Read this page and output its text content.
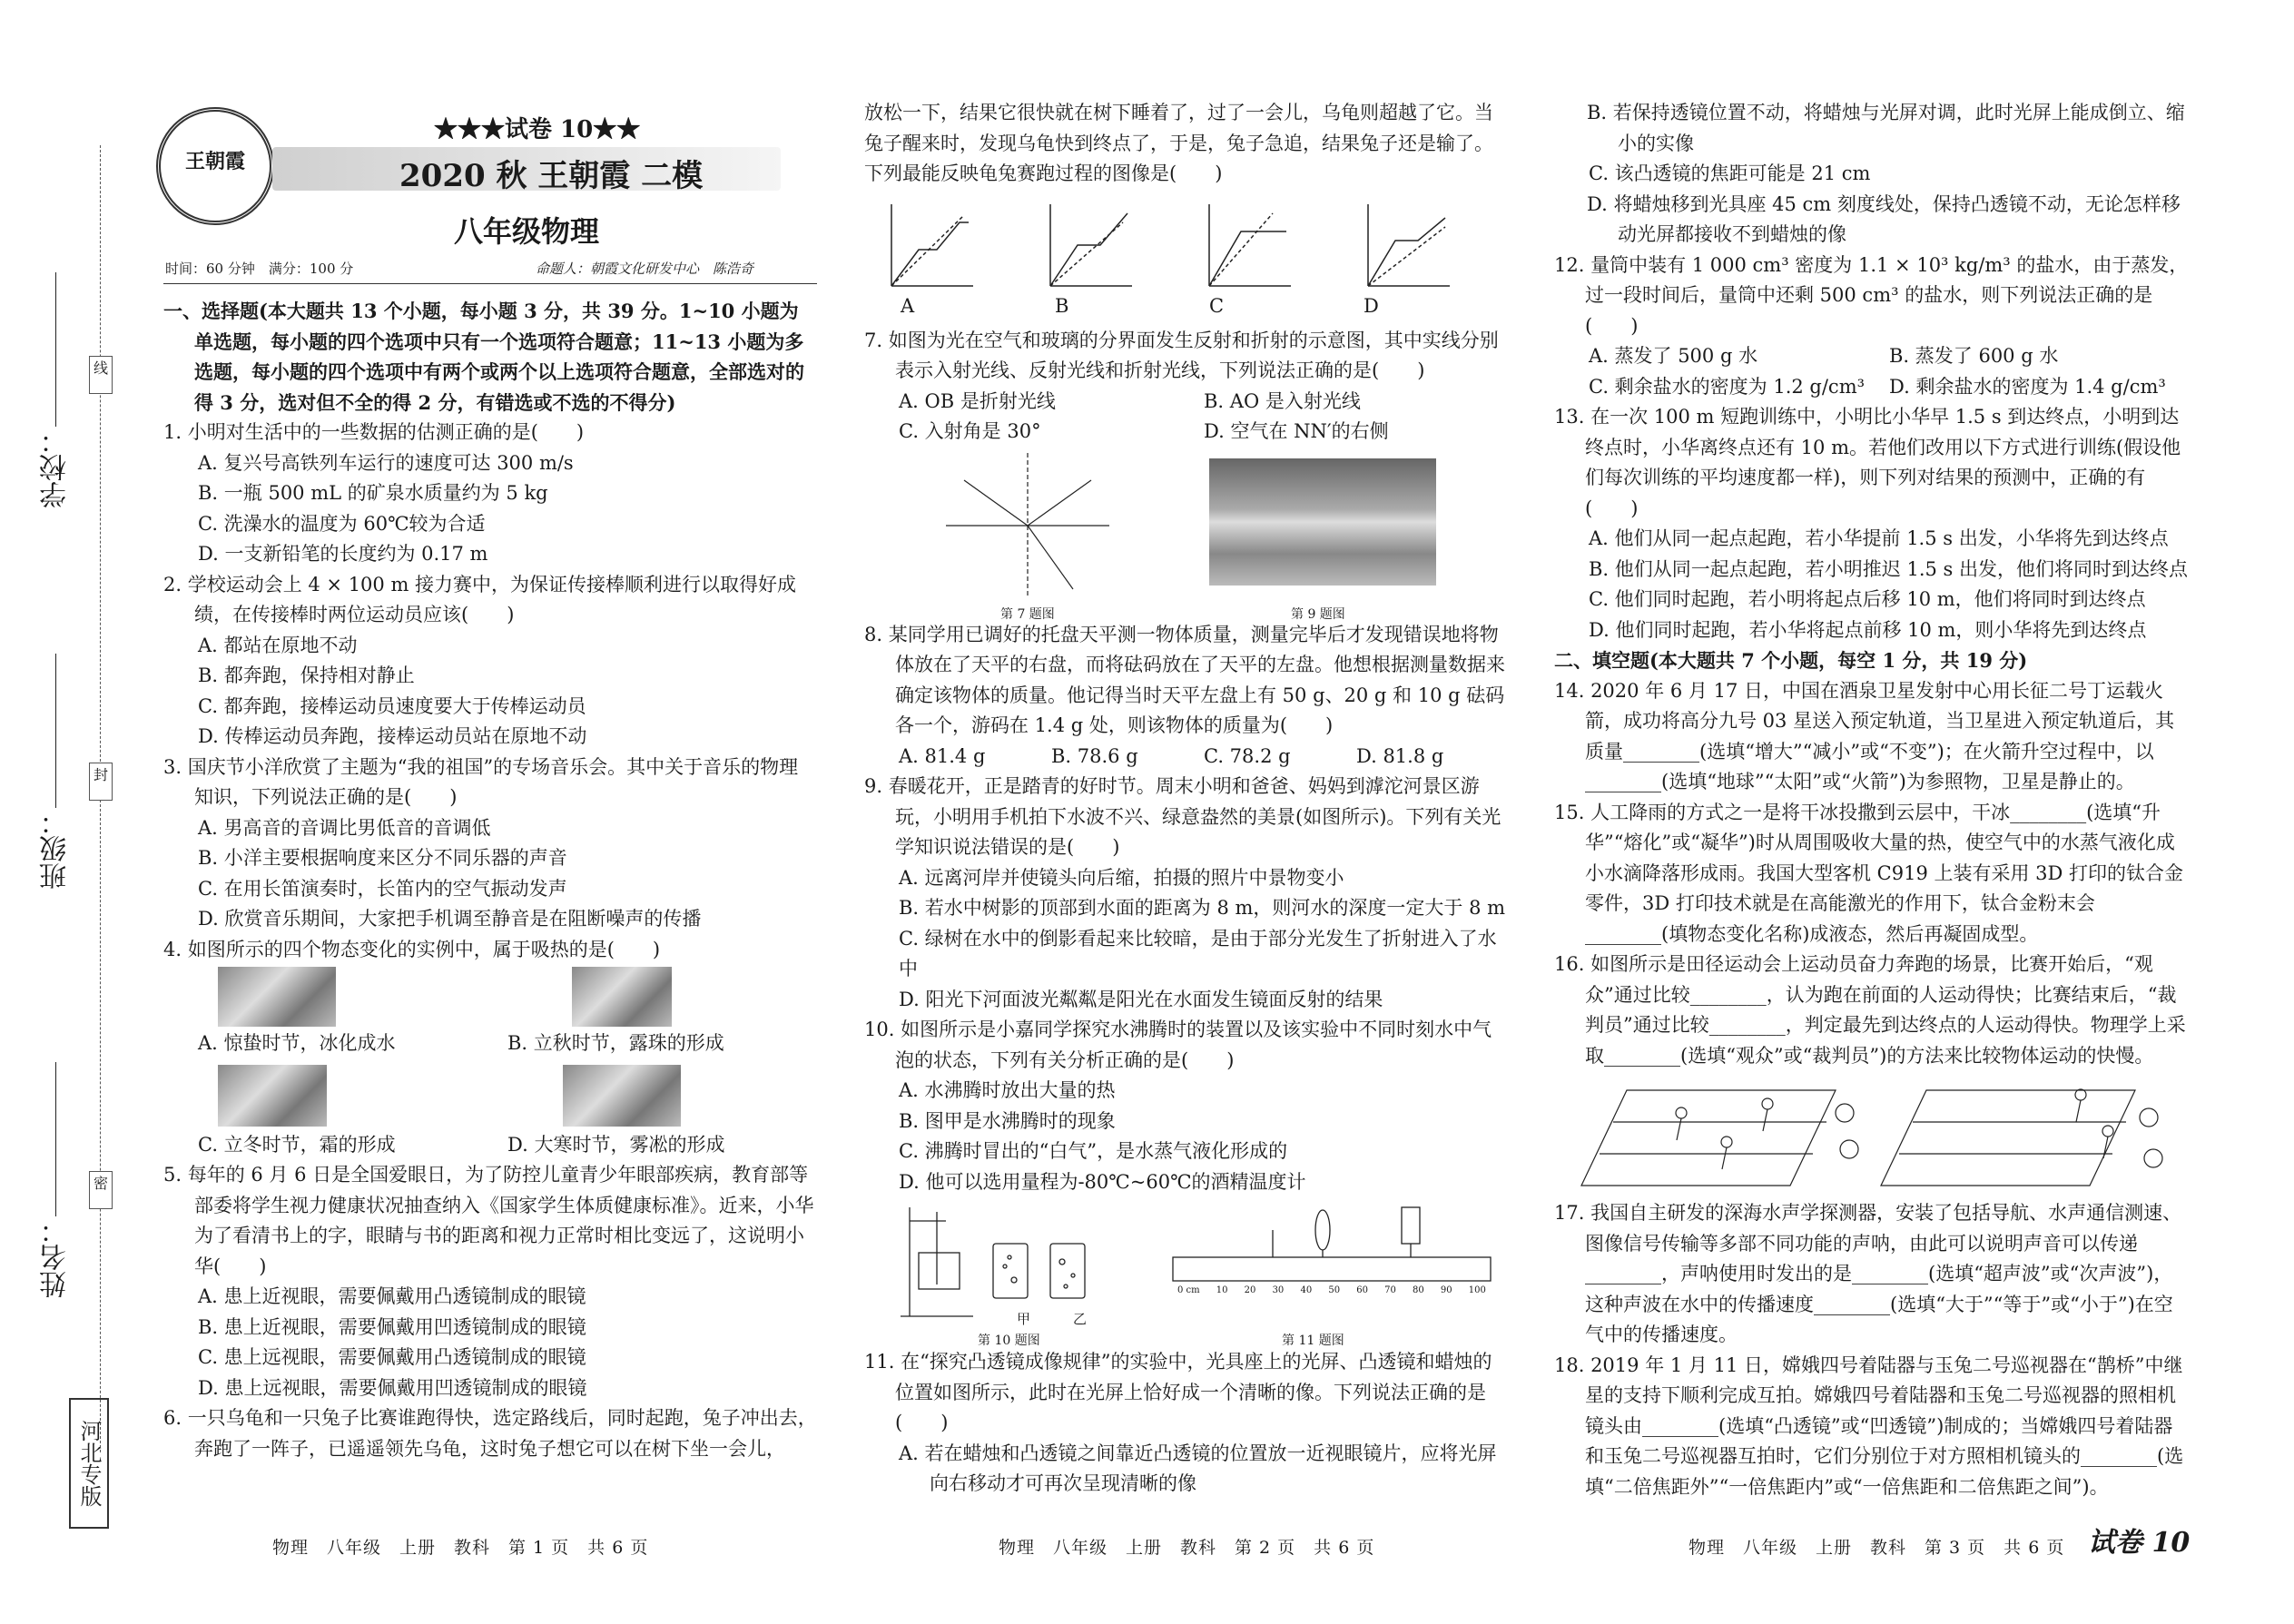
线
封
密
学校：
班级：
姓名：
河北专版
王朝霞
★★★试卷 10★★
2020 秋 王朝霞 二模
八年级物理
时间：60 分钟　满分：100 分	命题人：朝霞文化研发中心　陈浩奇

一、选择题(本大题共 13 个小题，每小题 3 分，共 39 分。1~10 小题为单选题，每小题的四个选项中只有一个选项符合题意；11~13 小题为多选题，每小题的四个选项中有两个或两个以上选项符合题意，全部选对的得 3 分，选对但不全的得 2 分，有错选或不选的不得分)

1. 小明对生活中的一些数据的估测正确的是(　　)

A. 复兴号高铁列车运行的速度可达 300 m/s

B. 一瓶 500 mL 的矿泉水质量约为 5 kg

C. 洗澡水的温度为 60℃较为合适

D. 一支新铅笔的长度约为 0.17 m

2. 学校运动会上 4 × 100 m 接力赛中，为保证传接棒顺利进行以取得好成绩，在传接棒时两位运动员应该(　　)

A. 都站在原地不动

B. 都奔跑，保持相对静止

C. 都奔跑，接棒运动员速度要大于传棒运动员

D. 传棒运动员奔跑，接棒运动员站在原地不动

3. 国庆节小洋欣赏了主题为“我的祖国”的专场音乐会。其中关于音乐的物理知识，下列说法正确的是(　　)

A. 男高音的音调比男低音的音调低

B. 小洋主要根据响度来区分不同乐器的声音

C. 在用长笛演奏时，长笛内的空气振动发声

D. 欣赏音乐期间，大家把手机调至静音是在阻断噪声的传播

4. 如图所示的四个物态变化的实例中，属于吸热的是(　　)

A. 惊蛰时节，冰化成水	B. 立秋时节，露珠的形成
C. 立冬时节，霜的形成	D. 大寒时节，雾凇的形成

5. 每年的 6 月 6 日是全国爱眼日，为了防控儿童青少年眼部疾病，教育部等部委将学生视力健康状况抽查纳入《国家学生体质健康标准》。近来，小华为了看清书上的字，眼睛与书的距离和视力正常时相比变远了，这说明小华(　　)

A. 患上近视眼，需要佩戴用凸透镜制成的眼镜

B. 患上近视眼，需要佩戴用凹透镜制成的眼镜

C. 患上远视眼，需要佩戴用凸透镜制成的眼镜

D. 患上远视眼，需要佩戴用凹透镜制成的眼镜

6. 一只乌龟和一只兔子比赛谁跑得快，选定路线后，同时起跑，兔子冲出去，奔跑了一阵子，已遥遥领先乌龟，这时兔子想它可以在树下坐一会儿，

放松一下，结果它很快就在树下睡着了，过了一会儿，乌龟则超越了它。当兔子醒来时，发现乌龟快到终点了，于是，兔子急追，结果兔子还是输了。下列最能反映龟兔赛跑过程的图像是(　　)

A	B	C	D

7. 如图为光在空气和玻璃的分界面发生反射和折射的示意图，其中实线分别表示入射光线、反射光线和折射光线，下列说法正确的是(　　)

A. OB 是折射光线	B. AO 是入射光线
C. 入射角是 30°	D. 空气在 NN′的右侧
第 7 题图	第 9 题图

8. 某同学用已调好的托盘天平测一物体质量，测量完毕后才发现错误地将物体放在了天平的右盘，而将砝码放在了天平的左盘。他想根据测量数据来确定该物体的质量。他记得当时天平左盘上有 50 g、20 g 和 10 g 砝码各一个，游码在 1.4 g 处，则该物体的质量为(　　)

A. 81.4 g	B. 78.6 g	C. 78.2 g	D. 81.8 g

9. 春暖花开，正是踏青的好时节。周末小明和爸爸、妈妈到滹沱河景区游玩，小明用手机拍下水波不兴、绿意盎然的美景(如图所示)。下列有关光学知识说法错误的是(　　)

A. 远离河岸并使镜头向后缩，拍摄的照片中景物变小

B. 若水中树影的顶部到水面的距离为 8 m，则河水的深度一定大于 8 m

C. 绿树在水中的倒影看起来比较暗，是由于部分光发生了折射进入了水中

D. 阳光下河面波光粼粼是阳光在水面发生镜面反射的结果

10. 如图所示是小嘉同学探究水沸腾时的装置以及该实验中不同时刻水中气泡的状态，下列有关分析正确的是(　　)

A. 水沸腾时放出大量的热

B. 图甲是水沸腾时的现象

C. 沸腾时冒出的“白气”，是水蒸气液化形成的

D. 他可以选用量程为-80℃~60℃的酒精温度计

甲	乙
0 cm 10 20 30 40 50 60 70 80 90 100
第 10 题图	第 11 题图

11. 在“探究凸透镜成像规律”的实验中，光具座上的光屏、凸透镜和蜡烛的位置如图所示，此时在光屏上恰好成一个清晰的像。下列说法正确的是(　　)

A. 若在蜡烛和凸透镜之间靠近凸透镜的位置放一近视眼镜片，应将光屏向右移动才可再次呈现清晰的像

B. 若保持透镜位置不动，将蜡烛与光屏对调，此时光屏上能成倒立、缩小的实像

C. 该凸透镜的焦距可能是 21 cm

D. 将蜡烛移到光具座 45 cm 刻度线处，保持凸透镜不动，无论怎样移动光屏都接收不到蜡烛的像

12. 量筒中装有 1 000 cm³ 密度为 1.1 × 10³ kg/m³ 的盐水，由于蒸发，过一段时间后，量筒中还剩 500 cm³ 的盐水，则下列说法正确的是(　　)

A. 蒸发了 500 g 水	B. 蒸发了 600 g 水
C. 剩余盐水的密度为 1.2 g/cm³	D. 剩余盐水的密度为 1.4 g/cm³

13. 在一次 100 m 短跑训练中，小明比小华早 1.5 s 到达终点，小明到达终点时，小华离终点还有 10 m。若他们改用以下方式进行训练(假设他们每次训练的平均速度都一样)，则下列对结果的预测中，正确的有(　　)

A. 他们从同一起点起跑，若小华提前 1.5 s 出发，小华将先到达终点

B. 他们从同一起点起跑，若小明推迟 1.5 s 出发，他们将同时到达终点

C. 他们同时起跑，若小明将起点后移 10 m，他们将同时到达终点

D. 他们同时起跑，若小华将起点前移 10 m，则小华将先到达终点

二、填空题(本大题共 7 个小题，每空 1 分，共 19 分)

14. 2020 年 6 月 17 日，中国在酒泉卫星发射中心用长征二号丁运载火箭，成功将高分九号 03 星送入预定轨道，当卫星进入预定轨道后，其质量________(选填“增大”“减小”或“不变”)；在火箭升空过程中，以________(选填“地球”“太阳”或“火箭”)为参照物，卫星是静止的。

15. 人工降雨的方式之一是将干冰投撒到云层中，干冰________(选填“升华”“熔化”或“凝华”)时从周围吸收大量的热，使空气中的水蒸气液化成小水滴降落形成雨。我国大型客机 C919 上装有采用 3D 打印的钛合金零件，3D 打印技术就是在高能激光的作用下，钛合金粉末会________(填物态变化名称)成液态，然后再凝固成型。

16. 如图所示是田径运动会上运动员奋力奔跑的场景，比赛开始后，“观众”通过比较________，认为跑在前面的人运动得快；比赛结束后，“裁判员”通过比较________，判定最先到达终点的人运动得快。物理学上采取________(选填“观众”或“裁判员”)的方法来比较物体运动的快慢。

17. 我国自主研发的深海水声学探测器，安装了包括导航、水声通信测速、图像信号传输等多部不同功能的声呐，由此可以说明声音可以传递________，声呐使用时发出的是________(选填“超声波”或“次声波”)，这种声波在水中的传播速度________(选填“大于”“等于”或“小于”)在空气中的传播速度。

18. 2019 年 1 月 11 日，嫦娥四号着陆器与玉兔二号巡视器在“鹊桥”中继星的支持下顺利完成互拍。嫦娥四号着陆器和玉兔二号巡视器的照相机镜头由________(选填“凸透镜”或“凹透镜”)制成的；当嫦娥四号着陆器和玉兔二号巡视器互拍时，它们分别位于对方照相机镜头的________(选填“二倍焦距外”“一倍焦距内”或“一倍焦距和二倍焦距之间”)。

物理　八年级　上册　教科　第 1 页　共 6 页	物理　八年级　上册　教科　第 2 页　共 6 页	物理　八年级　上册　教科　第 3 页　共 6 页 试卷 10
